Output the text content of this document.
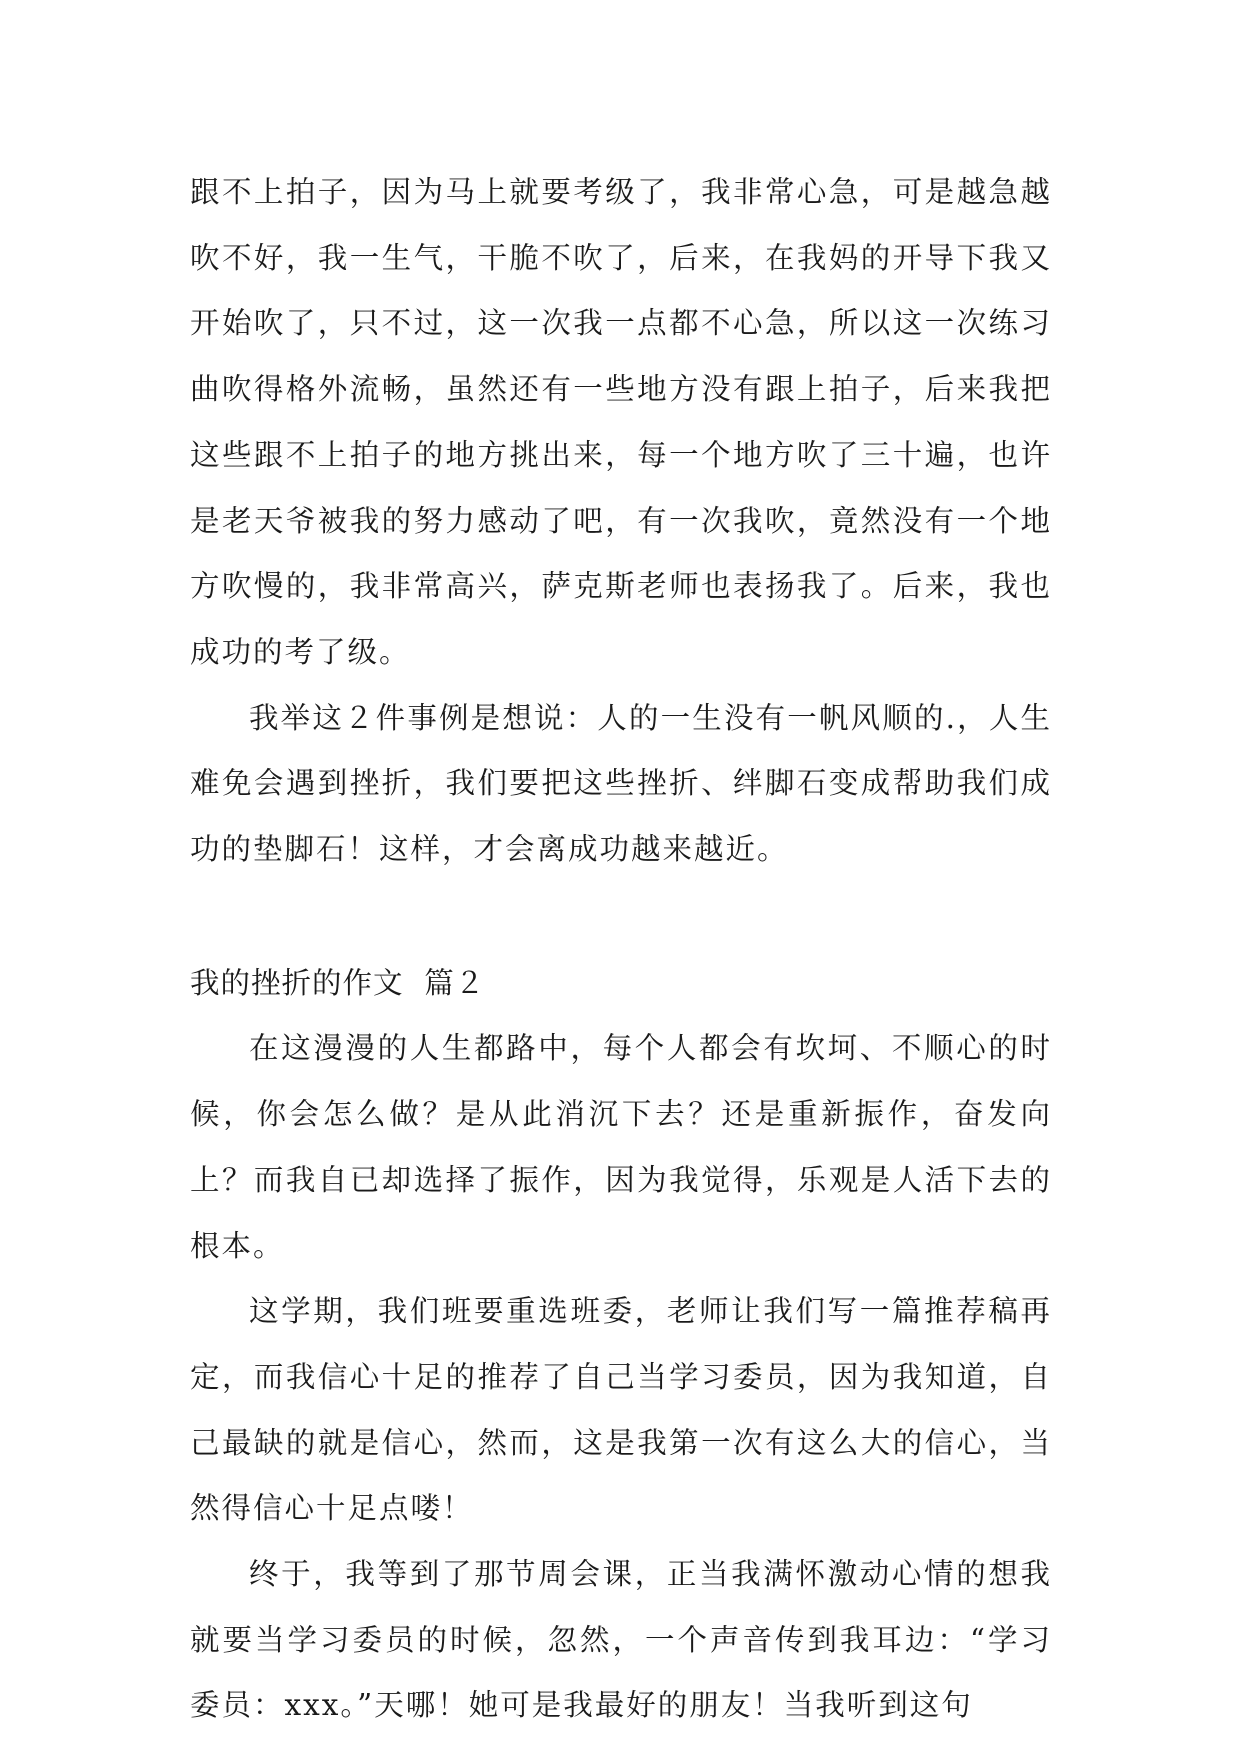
跟不上拍子，因为马上就要考级了，我非常心急，可是越急越吹不好，我一生气，干脆不吹了，后来，在我妈的开导下我又开始吹了，只不过，这一次我一点都不心急，所以这一次练习曲吹得格外流畅，虽然还有一些地方没有跟上拍子，后来我把这些跟不上拍子的地方挑出来，每一个地方吹了三十遍，也许是老天爷被我的努力感动了吧，有一次我吹，竟然没有一个地方吹慢的，我非常高兴，萨克斯老师也表扬我了。后来，我也成功的考了级。

我举这２件事例是想说：人的一生没有一帆风顺的.，人生难免会遇到挫折，我们要把这些挫折、绊脚石变成帮助我们成功的垫脚石！这样，才会离成功越来越近。

我的挫折的作文  篇２

在这漫漫的人生都路中，每个人都会有坎坷、不顺心的时候，你会怎么做？是从此消沉下去？还是重新振作，奋发向上？而我自已却选择了振作，因为我觉得，乐观是人活下去的根本。

这学期，我们班要重选班委，老师让我们写一篇推荐稿再定，而我信心十足的推荐了自己当学习委员，因为我知道，自己最缺的就是信心，然而，这是我第一次有这么大的信心，当然得信心十足点喽！

终于，我等到了那节周会课，正当我满怀激动心情的想我就要当学习委员的时候，忽然，一个声音传到我耳边：“学习委员：xxx。”天哪！她可是我最好的朋友！当我听到这句
